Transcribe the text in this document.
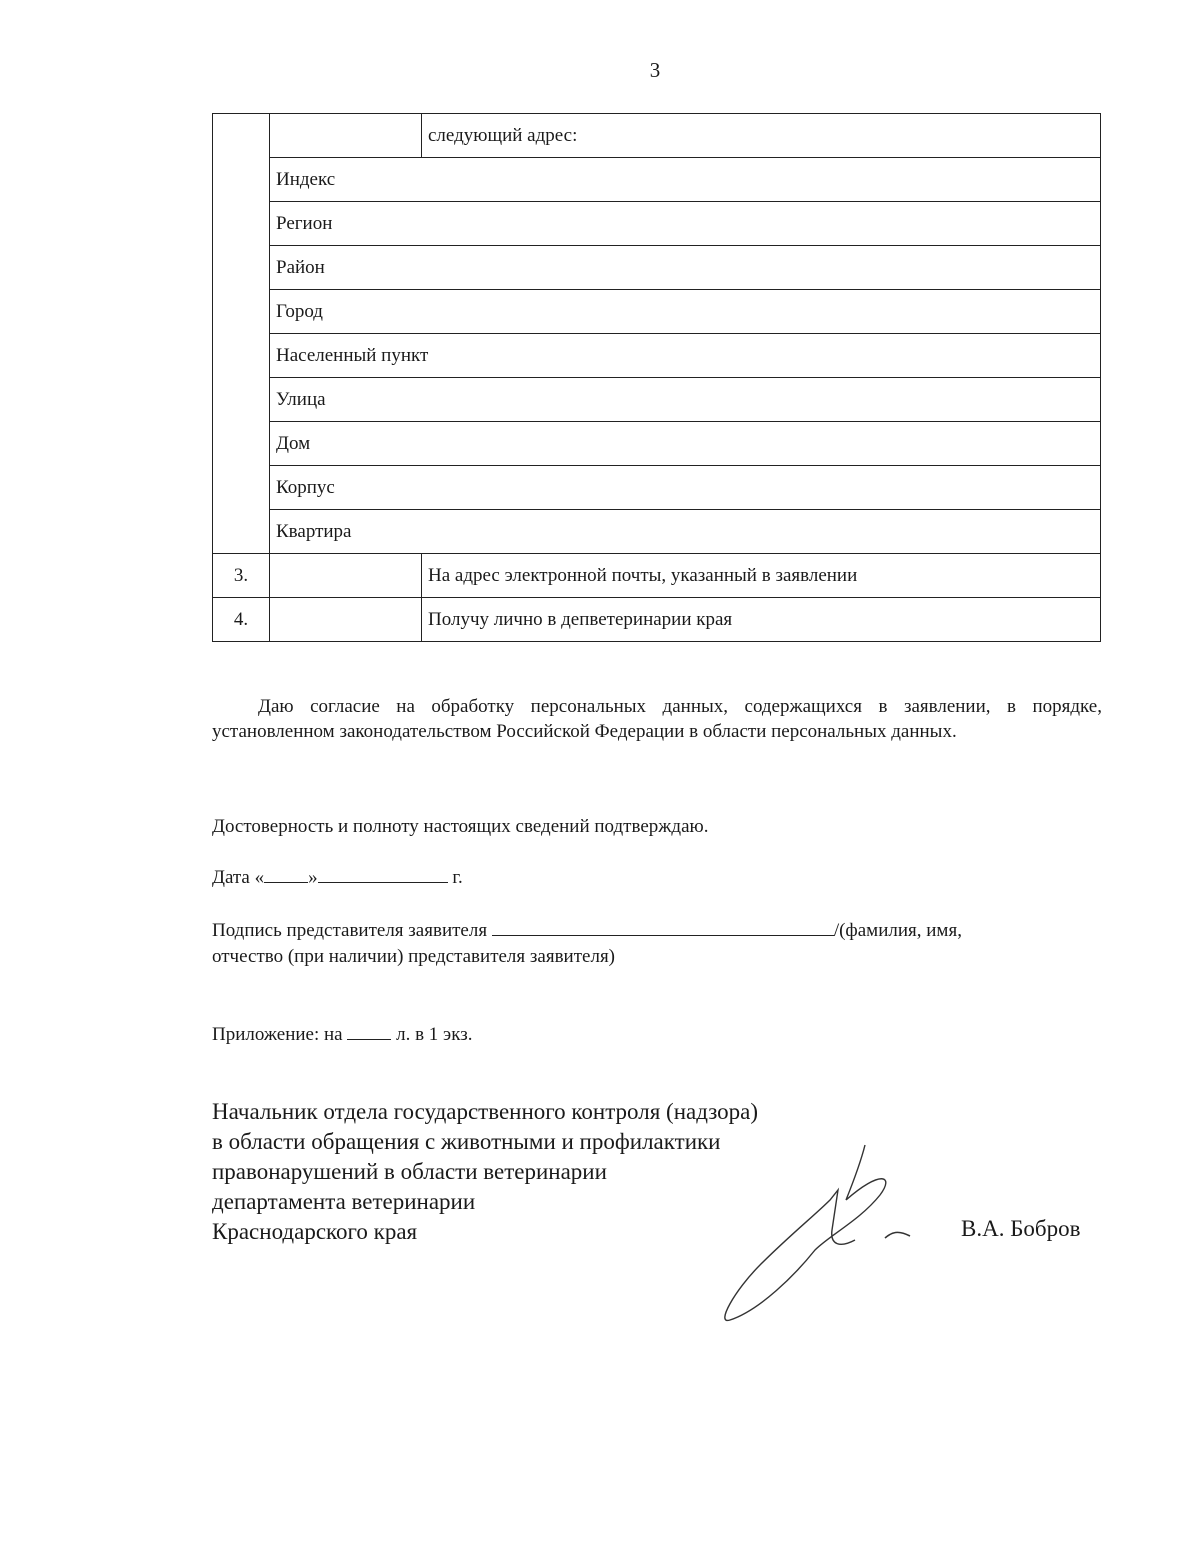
3
		следующий адрес:
	Индекс	
	Регион	
	Район	
	Город	
	Населенный пункт	
	Улица	
	Дом	
	Корпус	
	Квартира	
3.		На адрес электронной почты, указанный в заявлении
4.		Получу лично в депветеринарии края
Даю согласие на обработку персональных данных, содержащихся в заявлении, в порядке, установленном законодательством Российской Федерации в области персональных данных.
Достоверность и полноту настоящих сведений подтверждаю.
Дата « »	г.
Подпись представителя заявителя	/(фамилия, имя,
отчество (при наличии) представителя заявителя)
Приложение: на  л. в 1 экз.
Начальник отдела государственного контроля (надзора)
в области обращения с животными и профилактики
правонарушений в области ветеринарии
департамента ветеринарии
Краснодарского края	В.А. Бобров
